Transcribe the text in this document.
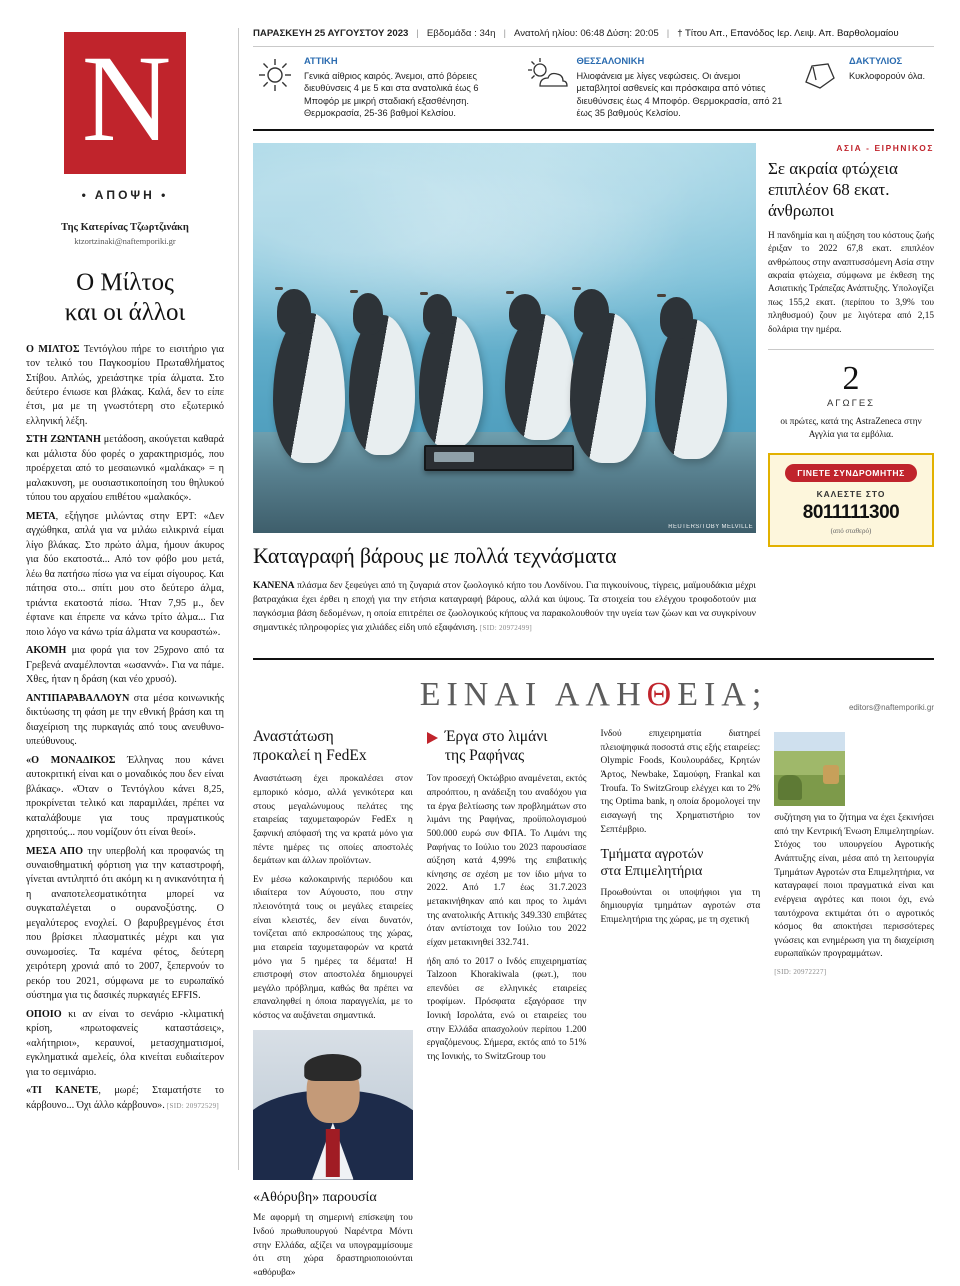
N
• ΑΠΟΨΗ •
Της Κατερίνας Τζωρτζινάκη
ktzortzinaki@naftemporiki.gr
Ο Μίλτος
και οι άλλοι

Ο ΜΙΛΤΟΣ Τεντόγλου πήρε το εισιτήριο για τον τελικό του Παγκοσμίου Πρωταθλήματος Στίβου. Απλώς, χρειάστηκε τρία άλματα. Στο δεύτερο ένιωσε και βλάκας. Καλά, δεν το είπε έτσι, μα με τη γνωστότερη στο εξωτερικό ελληνική λέξη.

ΣΤΗ ΖΩΝΤΑΝΗ μετάδοση, ακούγεται καθαρά και μάλιστα δύο φορές ο χαρακτηρισμός, που προέρχεται από το μεσαιωνικό «μαλάκας» = η μαλακυνση, με ουσιαστικοποίηση του θηλυκού τύπου του αρχαίου επιθέτου «μαλακός».

ΜΕΤΑ, εξήγησε μιλώντας στην ΕΡΤ: «Δεν αγχώθηκα, απλά για να μιλάω ειλικρινά είμαι λίγο βλάκας. Στο πρώτο άλμα, ήμουν άκυρος για δύο εκατοστά... Από τον φόβο μου μετά, λέω θα πατήσω πίσω για να είμαι σίγουρος. Και πάτησα στο... σπίτι μου στο δεύτερο άλμα, τριάντα εκατοστά πίσω. Ήταν 7,95 μ., δεν έφτανε και έπρεπε να κάνω τρίτο άλμα... Για ποιο λόγο να κάνω τρία άλματα να κουραστώ».

ΑΚΟΜΗ μια φορά για τον 25χρονο από τα Γρεβενά αναμέλπονται «ωσαννά». Για να πάμε. Χθες, ήταν η δράση (και νέο χρυσό).

ΑΝΤΙΠΑΡΑΒΑΛΛΟΥΝ στα μέσα κοινωνικής δικτύωσης τη φάση με την εθνική βράση και τη διαχείριση της πυρκαγιάς από τους ανευθυνο-υπεύθυνους.

«Ο ΜΟΝΑΔΙΚΟΣ Έλληνας που κάνει αυτοκριτική είναι και ο μοναδικός που δεν είναι βλάκας». «Όταν ο Τεντόγλου κάνει 8,25, προκρίνεται τελικό και παραμιλάει, πρέπει να καταλάβουμε για τους πραγματικούς χρησιτούς... που νομίζουν ότι είναι θεοί».

ΜΕΣΑ ΑΠΟ την υπερβολή και προφανώς τη συναισθηματική φόρτιση για την καταστροφή, γίνεται αντιληπτό ότι ακόμη κι η ανικανότητα ή η αναποτελεσματικότητα μπορεί να συγκαταλέγεται ο ουρανοξύστης. Ο μεγαλύτερος ενοχλεί. Ο βαρυβρεγμένος έτσι που βρίσκει πλασματικές μέχρι και για συνωμοσίες. Τα καμένα φέτος, δεύτερη χειρότερη χρονιά από το 2007, ξεπερνούν το ρεκόρ του 2021, σύμφωνα με το ευρωπαϊκό σύστημα για τις δασικές πυρκαγιές EFFIS.

ΟΠΟΙΟ κι αν είναι το σενάριο -κλιματική κρίση, «πρωτοφανείς καταστάσεις», «αλήτηριοι», κεραυνοί, μετασχηματισμοί, εγκληματικά αμελείς, όλα κινείται ευδιαίτερον για το σεμινάριο.

«ΤΙ ΚΑΝΕΤΕ, μωρέ; Σταματήστε το κάρβουνο... Όχι άλλο κάρβουνο». [SID: 20972529]

ΠΑΡΑΣΚΕΥΗ 25 ΑΥΓΟΥΣΤΟΥ 2023 | Εβδομάδα : 34η | Ανατολή ηλίου: 06:48 Δύση: 20:05 | † Τίτου Απ., Επανόδος Ιερ. Λειψ. Απ. Βαρθολομαίου
ΑΤΤΙΚΗ
Γενικά αίθριος καιρός. Άνεμοι, από βόρειες διευθύνσεις 4 με 5 και στα ανατολικά έως 6 Μποφόρ με μικρή σταδιακή εξασθένηση. Θερμοκρασία, 25-36 βαθμοί Κελσίου.
ΘΕΣΣΑΛΟΝΙΚΗ
Ηλιοφάνεια με λίγες νεφώσεις. Οι άνεμοι μεταβλητοί ασθενείς και πρόσκαιρα από νότιες διευθύνσεις έως 4 Μποφόρ. Θερμοκρασία, από 21 έως 35 βαθμούς Κελσίου.
ΔΑΚΤΥΛΙΟΣ
Κυκλοφορούν όλα.
REUTERS/TOBY MELVILLE
Καταγραφή βάρους με πολλά τεχνάσματα

ΚΑΝΕΝΑ πλάσμα δεν ξεφεύγει από τη ζυγαριά στον ζωολογικό κήπο του Λονδίνου. Για πιγκουίνους, τίγρεις, μαϊμουδάκια μέχρι βατραχάκια έχει έρθει η εποχή για την ετήσια καταγραφή βάρους, αλλά και ύψους. Τα στοιχεία του ελέγχου τροφοδοτούν μια παγκόσμια βάση δεδομένων, η οποία επιτρέπει σε ζωολογικούς κήπους να παρακολουθούν την υγεία των ζώων και να συγκρίνουν σημαντικές πληροφορίες για χιλιάδες είδη υπό εξαφάνιση. [SID: 20972499]

ΑΣΙΑ - ΕΙΡΗΝΙΚΟΣ
Σε ακραία φτώχεια επιπλέον 68 εκατ. άνθρωποι

Η πανδημία και η αύξηση του κόστους ζωής έριξαν το 2022 67,8 εκατ. επιπλέον ανθρώπους στην αναπτυσσόμενη Ασία στην ακραία φτώχεια, σύμφωνα με έκθεση της Ασιατικής Τράπεζας Ανάπτυξης. Υπολογίζει πως 155,2 εκατ. (περίπου το 3,9% του πληθυσμού) ζουν με λιγότερα από 2,15 δολάρια την ημέρα.

2
ΑΓΩΓΕΣ
οι πρώτες, κατά της AstraZeneca στην Αγγλία για τα εμβόλια.
ΓΙΝΕΤΕ ΣΥΝΔΡΟΜΗΤΗΣ
ΚΑΛΕΣΤΕ ΣΤΟ
8011111300
(από σταθερό)
ΕΙΝΑΙ ΑΛΗΘΕΙΑ;	editors@naftemporiki.gr
Αναστάτωση
προκαλεί η FedEx

Αναστάτωση έχει προκαλέσει στον εμπορικό κόσμο, αλλά γενικότερα και στους μεγαλώνυμους πελάτες της εταιρείας ταχυμεταφορών FedEx η ξαφνική απόφασή της να κρατά μόνο για πέντε ημέρες τις οποίες αποστολές δεμάτων και άλλων προϊόντων.

Εν μέσω καλοκαιρινής περιόδου και ιδιαίτερα τον Αύγουστο, που στην πλειονότητά τους οι μεγάλες εταιρείες είναι κλειστές, δεν είναι δυνατόν, τονίζεται από εκπροσώπους της χώρας, μια εταιρεία ταχυμεταφορών να κρατά μόνο για 5 ημέρες τα δέματα! Η επιστροφή στον αποστολέα δημιουργεί μεγάλο πρόβλημα, καθώς θα πρέπει να επαναληφθεί η όποια παραγγελία, με το κόστος να αυξάνεται σημαντικά.

«Αθόρυβη» παρουσία

Με αφορμή τη σημερινή επίσκεψη του Ινδού πρωθυπουργού Ναρέντρα Μόντι στην Ελλάδα, αξίζει να υπογραμμίσουμε ότι στη χώρα δραστηριοποιούνται «αθόρυβα»

Έργα στο λιμάνι
της Ραφήνας

Τον προσεχή Οκτώβριο αναμένεται, εκτός απροόπτου, η ανάδειξη του αναδόχου για τα έργα βελτίωσης των προβλημάτων στο λιμάνι της Ραφήνας, προϋπολογισμού 500.000 ευρώ συν ΦΠΑ. Το Λιμάνι της Ραφήνας το Ιούλιο του 2023 παρουσίασε αύξηση κατά 4,99% της επιβατικής κίνησης σε σχέση με τον ίδιο μήνα το 2022. Από 1.7 έως 31.7.2023 μετακινήθηκαν από και προς το λιμάνι της ανατολικής Αττικής 349.330 επιβάτες όταν αντίστοιχα τον Ιούλιο του 2022 είχαν μετακινηθεί 332.741.

ήδη από το 2017 ο Ινδός επιχειρηματίας Talzoon Khorakiwala (φωτ.), που επενδύει σε ελληνικές εταιρείες τροφίμων. Πρόσφατα εξαγόρασε την Ιονική Ισρολάτα, ενώ οι εταιρείες του στην Ελλάδα απασχολούν περίπου 1.200 εργαζόμενους. Σήμερα, εκτός από το 51% της Ιονικής, το SwitzGroup του

Ινδού επιχειρηματία διατηρεί πλειοψηφικά ποσοστά στις εξής εταιρείες: Olympic Foods, Κουλουράδες, Κρητών Άρτος, Newbake, Σαμούφη, Frankal και Troufa. Το SwitzGroup ελέγχει και το 2% της Optima bank, η οποία δρομολογεί την εισαγωγή της Χρηματιστήριο τον Σεπτέμβριο.

Τμήματα αγροτών
στα Επιμελητήρια

Προωθούνται οι υποψήφιοι για τη δημιουργία τμημάτων αγροτών στα Επιμελητήρια της χώρας, με τη σχετική

συζήτηση για το ζήτημα να έχει ξεκινήσει από την Κεντρική Ένωση Επιμελητηρίων. Στόχος του υπουργείου Αγροτικής Ανάπτυξης είναι, μέσα από τη λειτουργία Τμημάτων Αγροτών στα Επιμελητήρια, να καταγραφεί ποιοι πραγματικά είναι και ενέργεια αγρότες και ποιοι όχι, ενώ ταυτόχρονα εκτιμάται ότι ο αγροτικός κόσμος θα αποκτήσει περισσότερες γνώσεις και ενημέρωση για τη διαχείριση ευρωπαϊκών προγραμμάτων.

[SID: 20972227]
